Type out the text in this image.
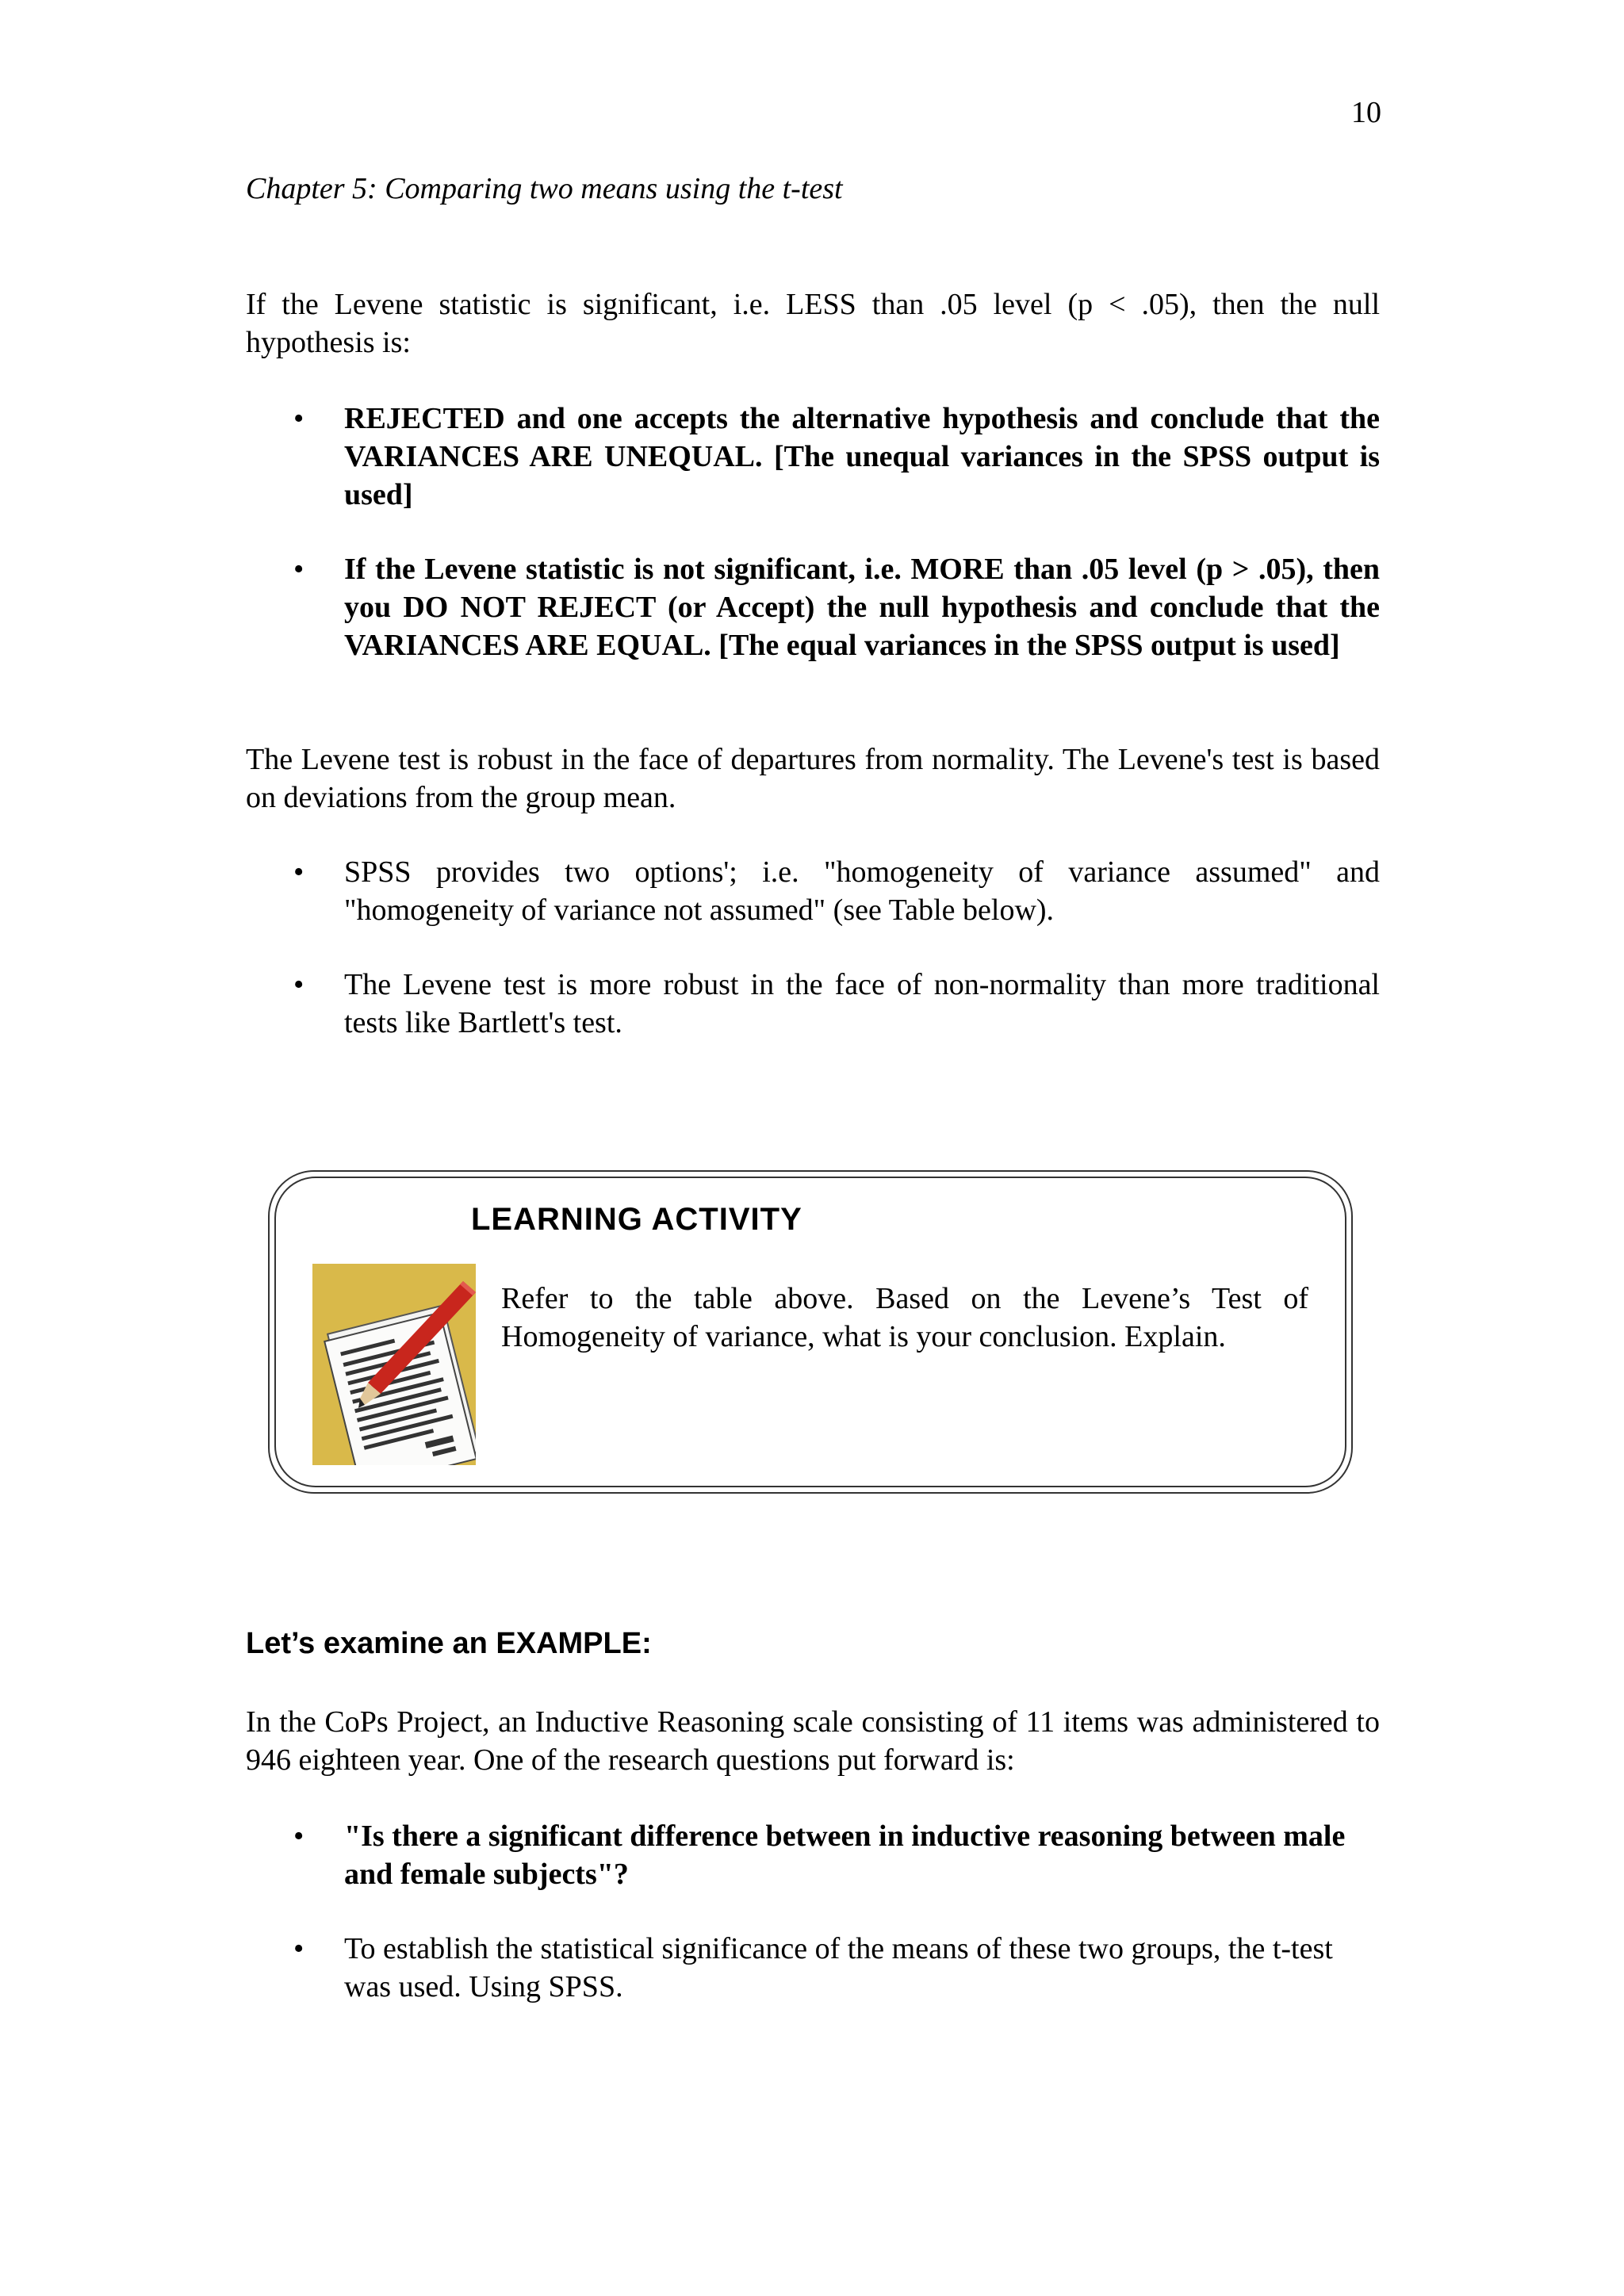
10
Chapter 5: Comparing two means using the t-test

If the Levene statistic is significant, i.e. LESS than .05 level (p < .05), then the null hypothesis is:

• REJECTED and one accepts the alternative hypothesis and conclude that the VARIANCES ARE UNEQUAL. [The unequal variances in the SPSS output is used]
• If the Levene statistic is not significant, i.e. MORE than .05 level (p > .05), then you DO NOT REJECT (or Accept) the null hypothesis and conclude that the VARIANCES ARE EQUAL. [The equal variances in the SPSS output is used]

The Levene test is robust in the face of departures from normality. The Levene's test is based on deviations from the group mean.

• SPSS provides two options'; i.e. "homogeneity of variance assumed" and "homogeneity of variance not assumed" (see Table below).
• The Levene test is more robust in the face of non-normality than more traditional tests like Bartlett's test.
LEARNING ACTIVITY
Refer to the table above. Based on the Levene’s Test of Homogeneity of variance, what is your conclusion. Explain.
Let’s examine an EXAMPLE:

In the CoPs Project, an Inductive Reasoning scale consisting of 11 items was administered to 946 eighteen year. One of the research questions put forward is:

• "Is there a significant difference between in inductive reasoning between male and female subjects"?
• To establish the statistical significance of the means of these two groups, the t-test was used. Using SPSS.
